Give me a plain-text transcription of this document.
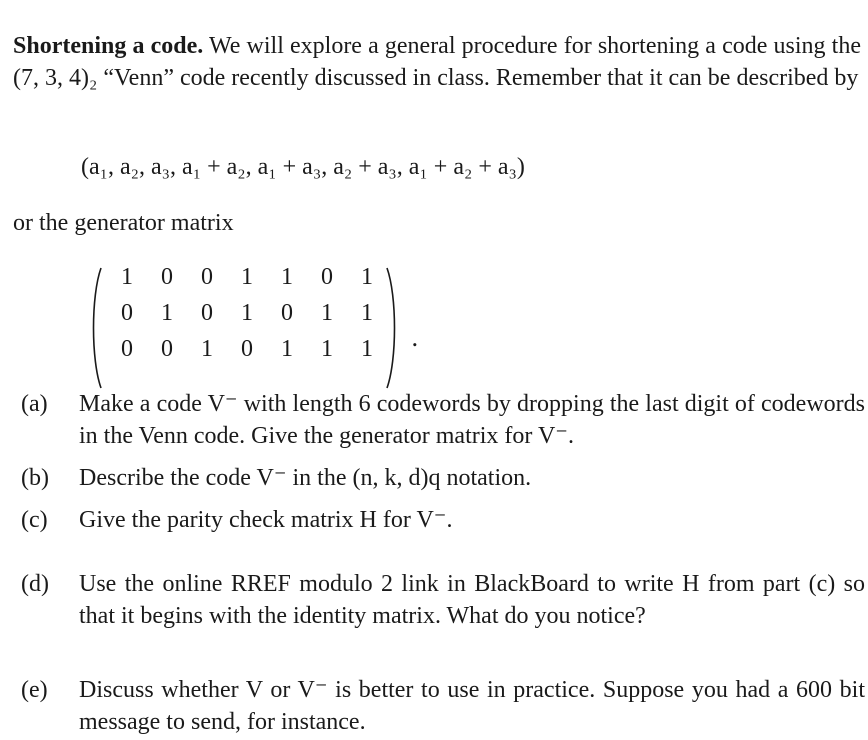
Shortening a code. We will explore a general procedure for shortening a code using the (7, 3, 4)₂ “Venn” code recently discussed in class. Remember that it can be described by
(a₁, a₂, a₃, a₁ + a₂, a₁ + a₃, a₂ + a₃, a₁ + a₂ + a₃)
or the generator matrix
1 0 0 1 1 0 1
0 1 0 1 0 1 1
0 0 1 0 1 1 1	.
(a) Make a code V⁻ with length 6 codewords by dropping the last digit of codewords in the Venn code. Give the generator matrix for V⁻.
(b) Describe the code V⁻ in the (n, k, d)q notation.
(c) Give the parity check matrix H for V⁻.
(d) Use the online RREF modulo 2 link in BlackBoard to write H from part (c) so that it begins with the identity matrix. What do you notice?
(e) Discuss whether V or V⁻ is better to use in practice. Suppose you had a 600 bit message to send, for instance.
